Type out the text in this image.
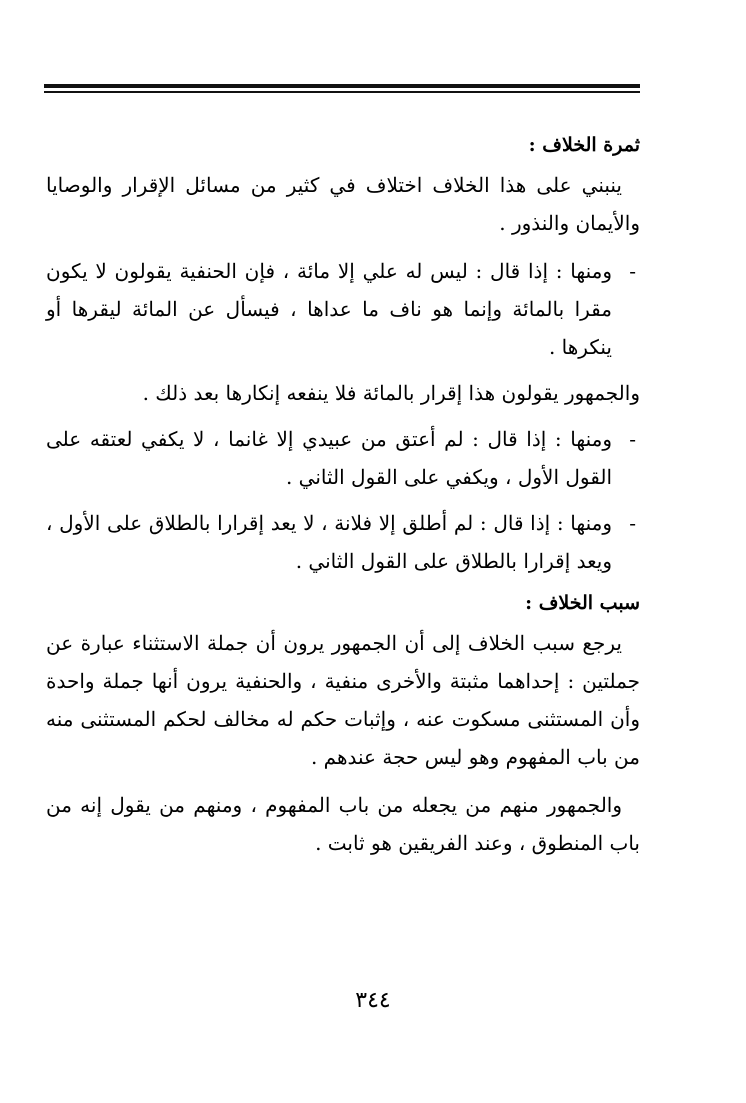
ثمرة الخلاف :
ينبني على هذا الخلاف اختلاف في كثير من مسائل الإقرار والوصايا والأيمان والنذور .
-
ومنها : إذا قال : ليس له علي إلا مائة ، فإن الحنفية يقولون لا يكون مقرا بالمائة وإنما هو ناف ما عداها ، فيسأل عن المائة ليقرها أو ينكرها .
والجمهور يقولون هذا إقرار بالمائة فلا ينفعه إنكارها بعد ذلك .
-
ومنها : إذا قال : لم أعتق من عبيدي إلا غانما ، لا يكفي لعتقه على القول الأول ، ويكفي على القول الثاني .
-
ومنها : إذا قال : لم أطلق إلا فلانة ، لا يعد إقرارا بالطلاق على الأول ، ويعد إقرارا بالطلاق على القول الثاني .
سبب الخلاف :
يرجع سبب الخلاف إلى أن الجمهور يرون أن جملة الاستثناء عبارة عن جملتين : إحداهما مثبتة والأخرى منفية ، والحنفية يرون أنها جملة واحدة وأن المستثنى مسكوت عنه ، وإثبات حكم له مخالف لحكم المستثنى منه من باب المفهوم وهو ليس حجة عندهم .
والجمهور منهم من يجعله من باب المفهوم ، ومنهم من يقول إنه من باب المنطوق ، وعند الفريقين هو ثابت .
٣٤٤
